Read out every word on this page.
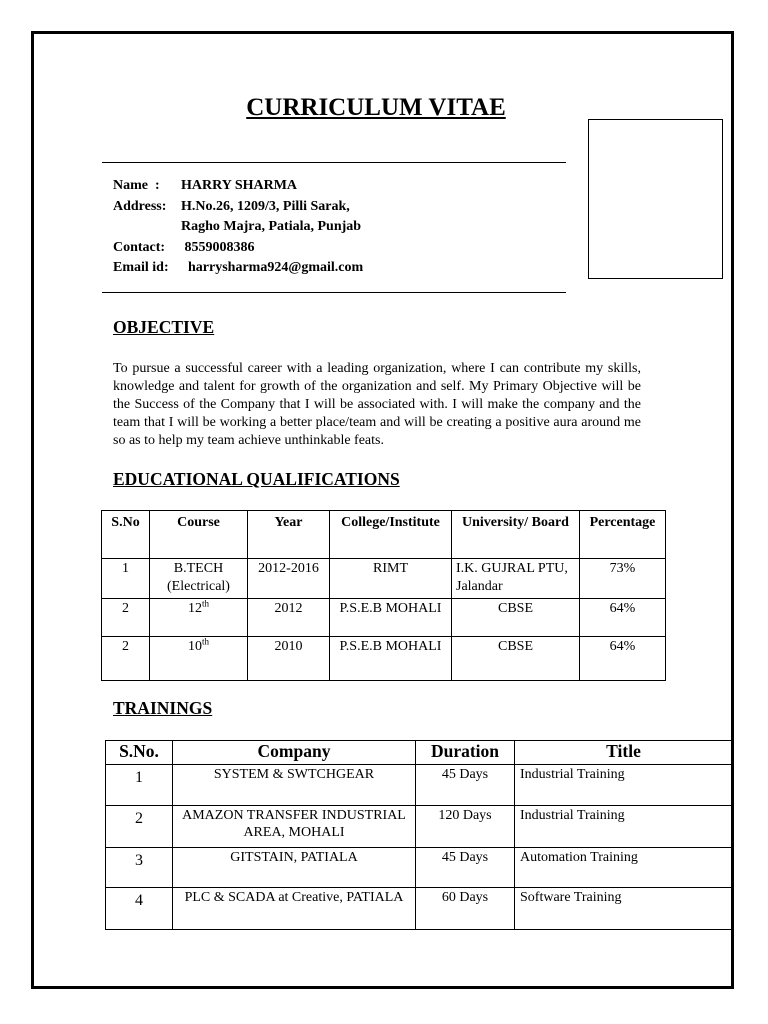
CURRICULUM VITAE
Name  :	HARRY SHARMA
Address:	H.No.26, 1209/3, Pilli Sarak,
Ragho Majra, Patiala, Punjab
Contact:	8559008386
Email id: harrysharma924@gmail.com
OBJECTIVE
To pursue a successful career with a leading organization, where I can contribute my skills, knowledge and talent for growth of the organization and self. My Primary Objective will be the Success of the Company that I will be associated with. I will make the company and the team that I will be working a better place/team and will be creating a positive aura around me so as to help my team achieve unthinkable feats.
EDUCATIONAL QUALIFICATIONS
S.No	Course	Year	College/Institute	University/ Board	Percentage
1	B.TECH (Electrical)	2012-2016	RIMT	I.K. GUJRAL PTU, Jalandar	73%
2	12th	2012	P.S.E.B MOHALI	CBSE	64%
2	10th	2010	P.S.E.B MOHALI	CBSE	64%
TRAININGS
S.No.	Company	Duration	Title
1	SYSTEM & SWTCHGEAR	45 Days	Industrial Training
2	AMAZON TRANSFER INDUSTRIAL AREA, MOHALI	120 Days	Industrial Training
3	GITSTAIN, PATIALA	45 Days	Automation Training
4	PLC & SCADA at Creative, PATIALA	60 Days	Software Training
